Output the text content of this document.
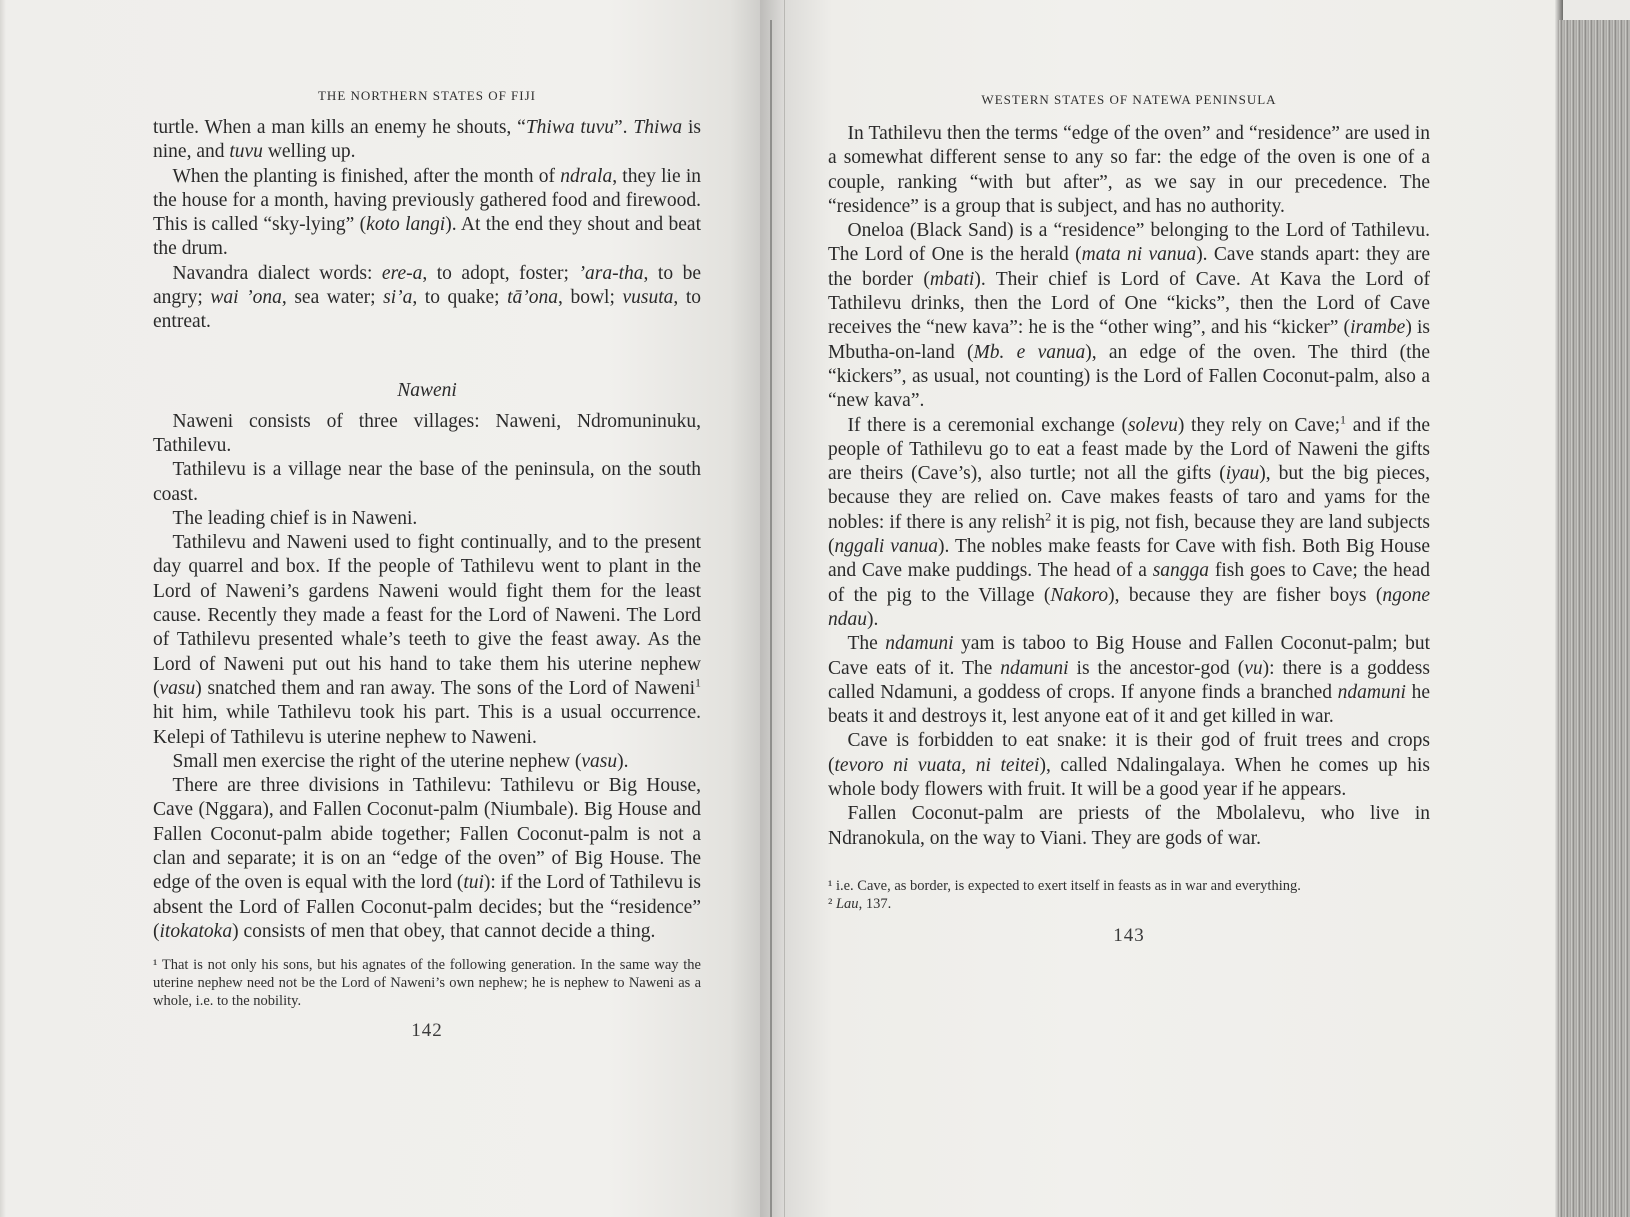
THE NORTHERN STATES OF FIJI

turtle. When a man kills an enemy he shouts, “Thiwa tuvu”. Thiwa is nine, and tuvu welling up.

 When the planting is finished, after the month of ndrala, they lie in the house for a month, having previously gathered food and firewood. This is called “sky-lying” (koto langi). At the end they shout and beat the drum.

 Navandra dialect words: ere-a, to adopt, foster; ’ara-tha, to be angry; wai ’ona, sea water; si’a, to quake; tā’ona, bowl; vusuta, to entreat.

Naweni

 Naweni consists of three villages: Naweni, Ndromuninuku, Tathilevu.

 Tathilevu is a village near the base of the peninsula, on the south coast.

 The leading chief is in Naweni.

 Tathilevu and Naweni used to fight continually, and to the present day quarrel and box. If the people of Tathilevu went to plant in the Lord of Naweni’s gardens Naweni would fight them for the least cause. Recently they made a feast for the Lord of Naweni. The Lord of Tathilevu presented whale’s teeth to give the feast away. As the Lord of Naweni put out his hand to take them his uterine nephew (vasu) snatched them and ran away. The sons of the Lord of Naweni$^1$ hit him, while Tathilevu took his part. This is a usual occurrence. Kelepi of Tathilevu is uterine nephew to Naweni.

 Small men exercise the right of the uterine nephew (vasu).

 There are three divisions in Tathilevu: Tathilevu or Big House, Cave (Nggara), and Fallen Coconut-palm (Niumbale). Big House and Fallen Coconut-palm abide together; Fallen Coconut-palm is not a clan and separate; it is on an “edge of the oven” of Big House. The edge of the oven is equal with the lord (tui): if the Lord of Tathilevu is absent the Lord of Fallen Coconut-palm decides; but the “residence” (itokatoka) consists of men that obey, that cannot decide a thing.

¹ That is not only his sons, but his agnates of the following generation. In the same way the uterine nephew need not be the Lord of Naweni’s own nephew; he is nephew to Naweni as a whole, i.e. to the nobility.

142
WESTERN STATES OF NATEWA PENINSULA

 In Tathilevu then the terms “edge of the oven” and “residence” are used in a somewhat different sense to any so far: the edge of the oven is one of a couple, ranking “with but after”, as we say in our precedence. The “residence” is a group that is subject, and has no authority.

 Oneloa (Black Sand) is a “residence” belonging to the Lord of Tathilevu. The Lord of One is the herald (mata ni vanua). Cave stands apart: they are the border (mbati). Their chief is Lord of Cave. At Kava the Lord of Tathilevu drinks, then the Lord of One “kicks”, then the Lord of Cave receives the “new kava”: he is the “other wing”, and his “kicker” (irambe) is Mbutha-on-land (Mb. e vanua), an edge of the oven. The third (the “kickers”, as usual, not counting) is the Lord of Fallen Coconut-palm, also a “new kava”.

 If there is a ceremonial exchange (solevu) they rely on Cave;$^1$ and if the people of Tathilevu go to eat a feast made by the Lord of Naweni the gifts are theirs (Cave’s), also turtle; not all the gifts (iyau), but the big pieces, because they are relied on. Cave makes feasts of taro and yams for the nobles: if there is any relish$^2$ it is pig, not fish, because they are land subjects (nggali vanua). The nobles make feasts for Cave with fish. Both Big House and Cave make puddings. The head of a sangga fish goes to Cave; the head of the pig to the Village (Nakoro), because they are fisher boys (ngone ndau).

 The ndamuni yam is taboo to Big House and Fallen Coconut-palm; but Cave eats of it. The ndamuni is the ancestor-god (vu): there is a goddess called Ndamuni, a goddess of crops. If anyone finds a branched ndamuni he beats it and destroys it, lest anyone eat of it and get killed in war.

 Cave is forbidden to eat snake: it is their god of fruit trees and crops (tevoro ni vuata, ni teitei), called Ndalingalaya. When he comes up his whole body flowers with fruit. It will be a good year if he appears.

 Fallen Coconut-palm are priests of the Mbolalevu, who live in Ndranokula, on the way to Viani. They are gods of war.

¹ i.e. Cave, as border, is expected to exert itself in feasts as in war and everything.

² Lau, 137.

143
